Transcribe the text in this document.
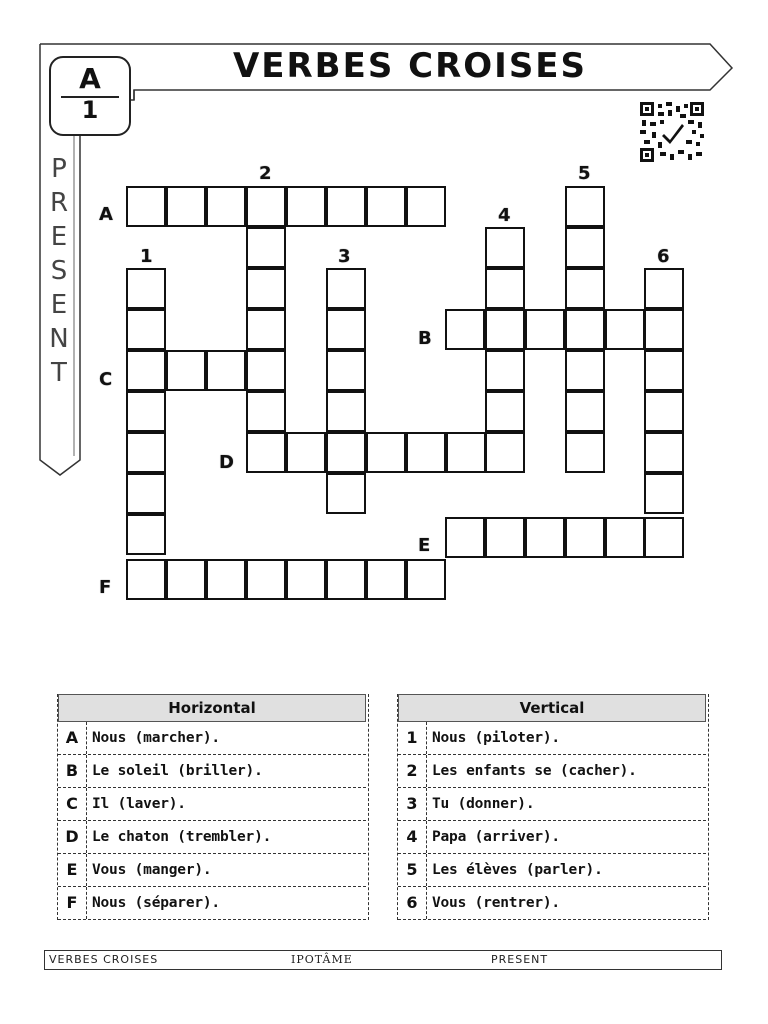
VERBES CROISES
A
1
P
R
E
S
E
N
T
2	5
4
1	3	6
A
B
C
D
E
F
Horizontal
A Nous (marcher).
B Le soleil (briller).
C Il (laver).
D Le chaton (trembler).
E	Vous (manger).
F	Nous (séparer).
Vertical
1 Nous (piloter).
2 Les enfants se (cacher).
3 Tu (donner).
4 Papa (arriver).
5 Les élèves (parler).
6 Vous (rentrer).
VERBES CROISES	IPOTÂME	PRESENT
